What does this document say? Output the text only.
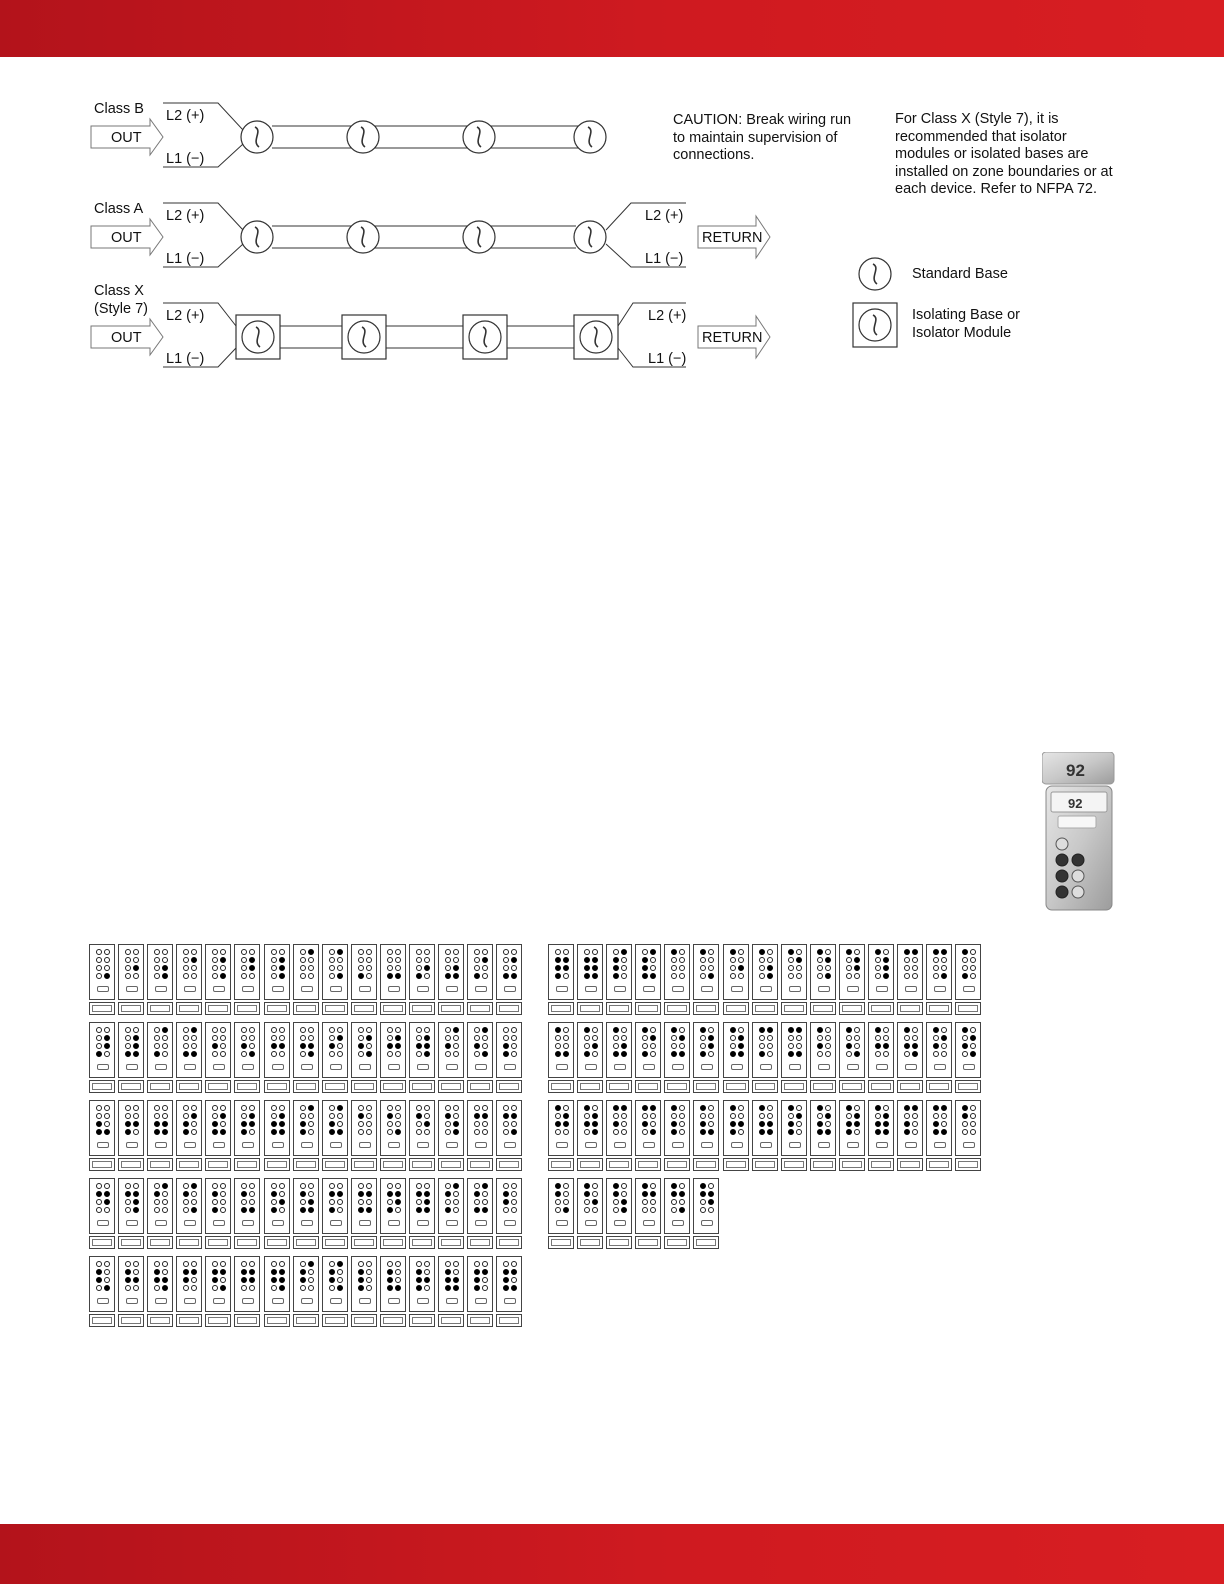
Class B
OUT
L2 (+)
L1 (−)
Class A
OUT
L2 (+)
L1 (−)
L2 (+)
L1 (−)
RETURN
Class X
(Style 7)
OUT
L2 (+)
L1 (−)
L2 (+)
L1 (−)
RETURN

CAUTION: Break wiring run
to maintain supervision of
connections.

For Class X (Style 7), it is
recommended that isolator
modules or isolated bases are
installed on zone boundaries or at
each device. Refer to NFPA 72.

Standard Base
Isolating Base or
Isolator Module
92
92
